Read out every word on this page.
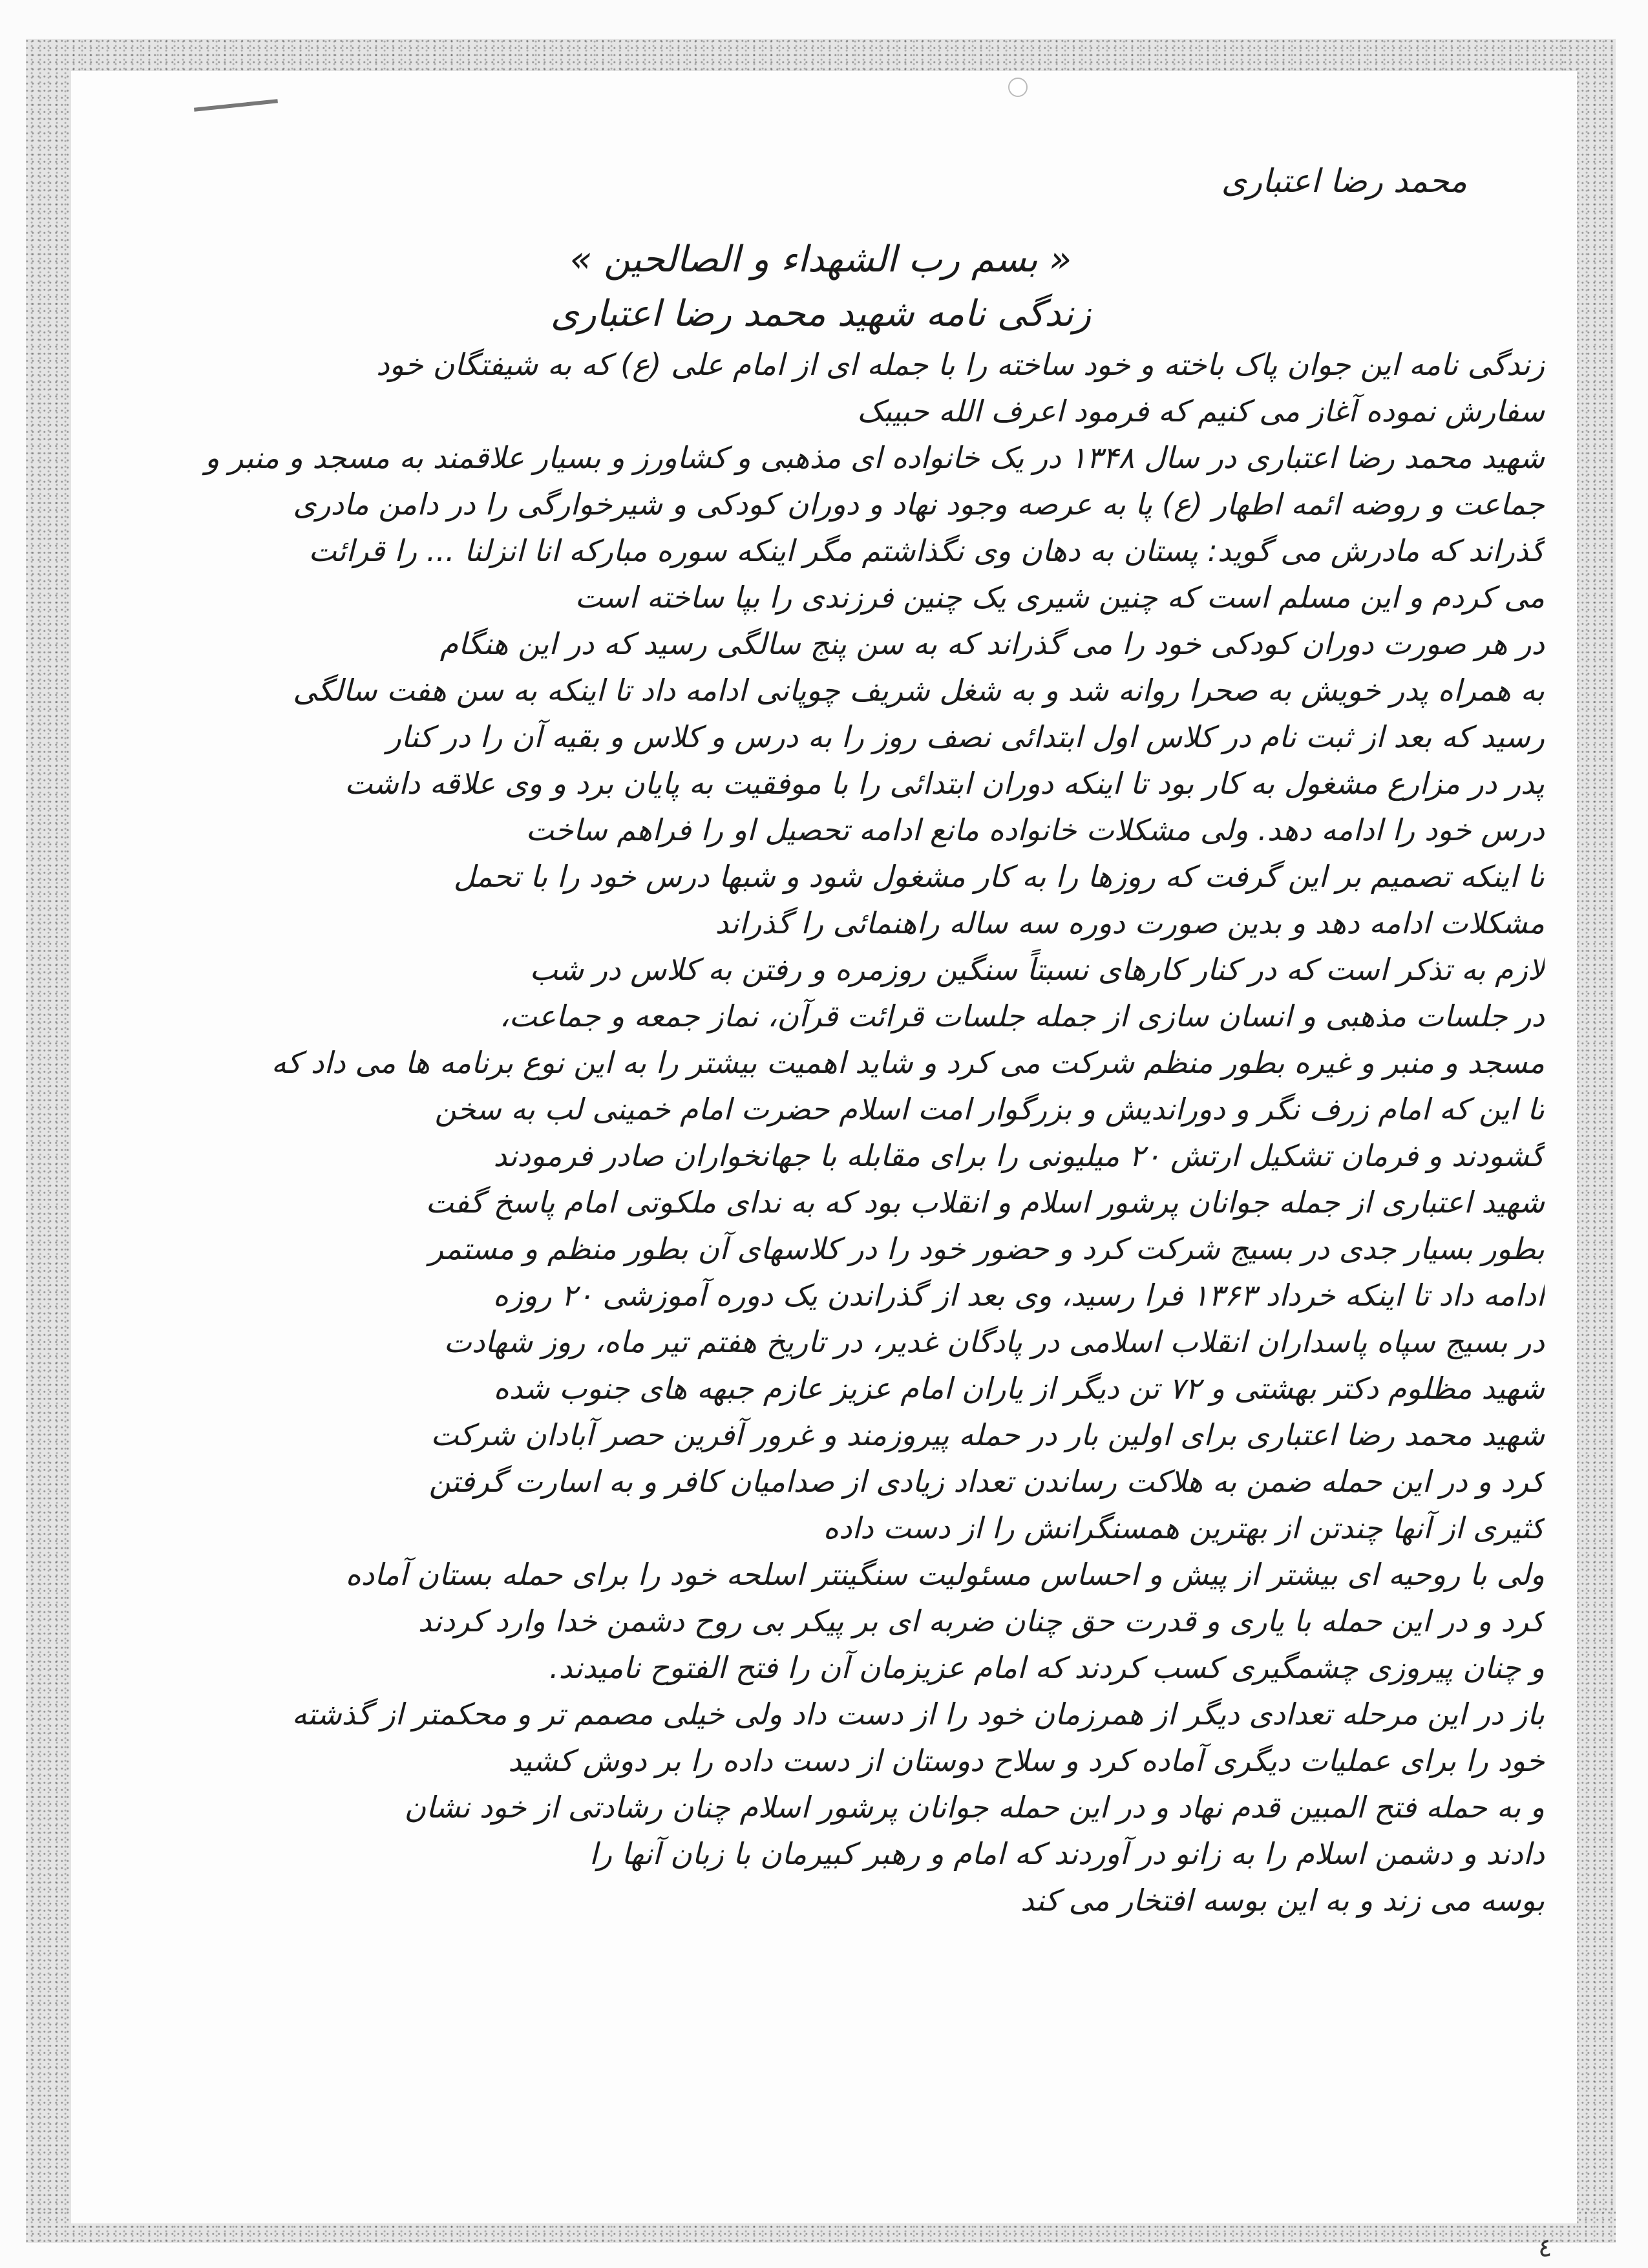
محمد رضا اعتباری
« بسم رب الشهداء و الصالحین »
زندگی نامه شهید محمد رضا اعتباری
زندگی نامه این جوان پاک باخته و خود ساخته را با جمله ای از امام علی (ع) که به شیفتگان خود
سفارش نموده آغاز می کنیم که فرمود اعرف الله حبیبک
شهید محمد رضا اعتباری در سال ۱۳۴۸ در یک خانواده ای مذهبی و کشاورز و بسیار علاقمند به مسجد و منبر و
جماعت و روضه ائمه اطهار (ع) پا به عرصه وجود نهاد و دوران کودکی و شیرخوارگی را در دامن مادری
گذراند که مادرش می گوید: پستان به دهان وی نگذاشتم مگر اینکه سوره مبارکه انا انزلنا ... را قرائت
می کردم و این مسلم است که چنین شیری یک چنین فرزندی را بپا ساخته است
در هر صورت دوران کودکی خود را می گذراند که به سن پنج سالگی رسید که در این هنگام
به همراه پدر خویش به صحرا روانه شد و به شغل شریف چوپانی ادامه داد تا اینکه به سن هفت سالگی
رسید که بعد از ثبت نام در کلاس اول ابتدائی نصف روز را به درس و کلاس و بقیه آن را در کنار
پدر در مزارع مشغول به کار بود تا اینکه دوران ابتدائی را با موفقیت به پایان برد و وی علاقه داشت
درس خود را ادامه دهد. ولی مشکلات خانواده مانع ادامه تحصیل او را فراهم ساخت
تا اینکه تصمیم بر این گرفت که روزها را به کار مشغول شود و شبها درس خود را با تحمل
مشکلات ادامه دهد و بدین صورت دوره سه ساله راهنمائی را گذراند
لازم به تذکر است که در کنار کارهای نسبتاً سنگین روزمره و رفتن به کلاس در شب
در جلسات مذهبی و انسان سازی از جمله جلسات قرائت قرآن، نماز جمعه و جماعت،
مسجد و منبر و غیره بطور منظم شرکت می کرد و شاید اهمیت بیشتر را به این نوع برنامه ها می داد که
تا این که امام زرف نگر و دوراندیش و بزرگوار امت اسلام حضرت امام خمینی لب به سخن
گشودند و فرمان تشکیل ارتش ۲۰ میلیونی را برای مقابله با جهانخواران صادر فرمودند
شهید اعتباری از جمله جوانان پرشور اسلام و انقلاب بود که به ندای ملکوتی امام پاسخ گفت
بطور بسیار جدی در بسیج شرکت کرد و حضور خود را در کلاسهای آن بطور منظم و مستمر
ادامه داد تا اینکه خرداد ۱۳۶۳ فرا رسید، وی بعد از گذراندن یک دوره آموزشی ۲۰ روزه
در بسیج سپاه پاسداران انقلاب اسلامی در پادگان غدیر، در تاریخ هفتم تیر ماه، روز شهادت
شهید مظلوم دکتر بهشتی و ۷۲ تن دیگر از یاران امام عزیز عازم جبهه های جنوب شده
شهید محمد رضا اعتباری برای اولین بار در حمله پیروزمند و غرور آفرین حصر آبادان شرکت
کرد و در این حمله ضمن به هلاکت رساندن تعداد زیادی از صدامیان کافر و به اسارت گرفتن
کثیری از آنها چندتن از بهترین همسنگرانش را از دست داده
ولی با روحیه ای بیشتر از پیش و احساس مسئولیت سنگینتر اسلحه خود را برای حمله بستان آماده
کرد و در این حمله با یاری و قدرت حق چنان ضربه ای بر پیکر بی روح دشمن خدا وارد کردند
و چنان پیروزی چشمگیری کسب کردند که امام عزیزمان آن را فتح الفتوح نامیدند.
باز در این مرحله تعدادی دیگر از همرزمان خود را از دست داد ولی خیلی مصمم تر و محکمتر از گذشته
خود را برای عملیات دیگری آماده کرد و سلاح دوستان از دست داده را بر دوش کشید
و به حمله فتح المبین قدم نهاد و در این حمله جوانان پرشور اسلام چنان رشادتی از خود نشان
دادند و دشمن اسلام را به زانو در آوردند که امام و رهبر کبیرمان با زبان آنها را
بوسه می زند و به این بوسه افتخار می کند
٤
